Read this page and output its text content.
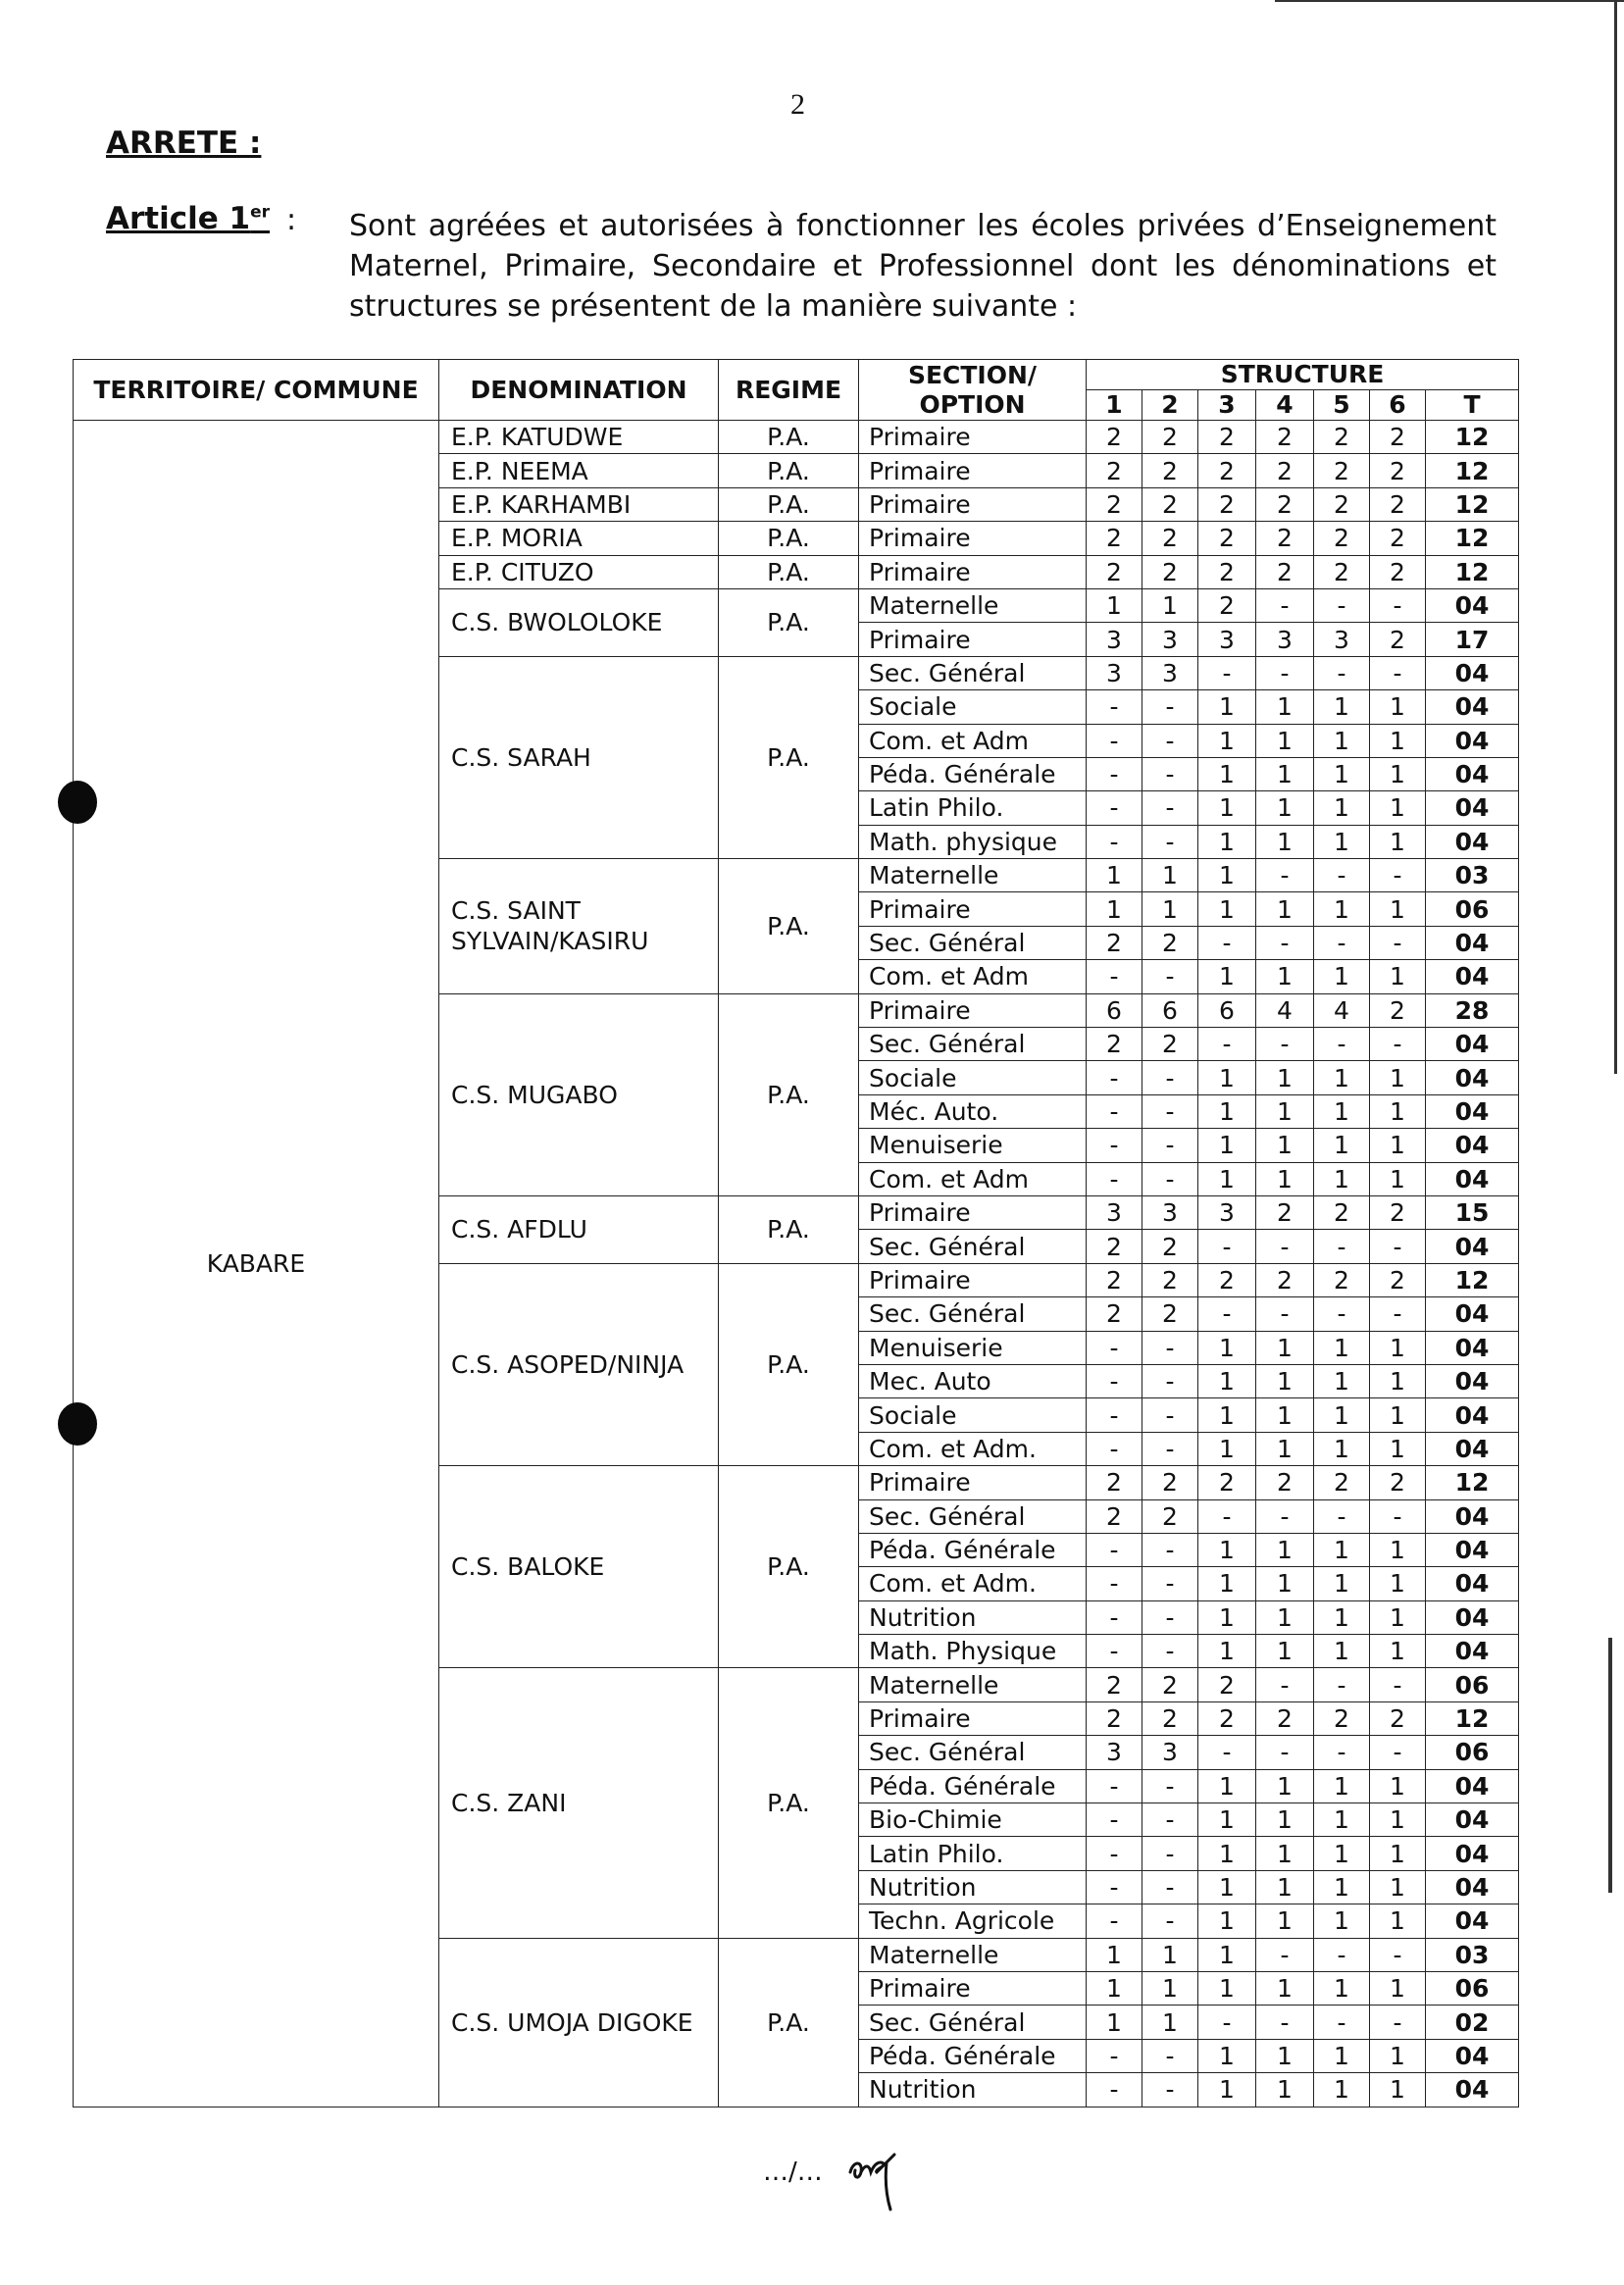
2
ARRETE :
Article 1er : Sont agréées et autorisées à fonctionner les écoles privées d’Enseignement Maternel, Primaire, Secondaire et Professionnel dont les dénominations et structures se présentent de la manière suivante :
TERRITOIRE/ COMMUNE	DENOMINATION	REGIME	SECTION/ OPTION	STRUCTURE						
				1	2	3	4	5	6	T
KABARE	E.P. KATUDWE	P.A.	Primaire	2	2	2	2	2	2	12
	E.P. NEEMA	P.A.	Primaire	2	2	2	2	2	2	12
	E.P. KARHAMBI	P.A.	Primaire	2	2	2	2	2	2	12
	E.P. MORIA	P.A.	Primaire	2	2	2	2	2	2	12
	E.P. CITUZO	P.A.	Primaire	2	2	2	2	2	2	12
	C.S. BWOLOLOKE	P.A.	Maternelle	1	1	2	-	-	-	04
			Primaire	3	3	3	3	3	2	17
	C.S. SARAH	P.A.	Sec. Général	3	3	-	-	-	-	04
			Sociale	-	-	1	1	1	1	04
			Com. et Adm	-	-	1	1	1	1	04
			Péda. Générale	-	-	1	1	1	1	04
			Latin Philo.	-	-	1	1	1	1	04
			Math. physique	-	-	1	1	1	1	04
	C.S. SAINT SYLVAIN/KASIRU	P.A.	Maternelle	1	1	1	-	-	-	03
			Primaire	1	1	1	1	1	1	06
			Sec. Général	2	2	-	-	-	-	04
			Com. et Adm	-	-	1	1	1	1	04
	C.S. MUGABO	P.A.	Primaire	6	6	6	4	4	2	28
			Sec. Général	2	2	-	-	-	-	04
			Sociale	-	-	1	1	1	1	04
			Méc. Auto.	-	-	1	1	1	1	04
			Menuiserie	-	-	1	1	1	1	04
			Com. et Adm	-	-	1	1	1	1	04
	C.S. AFDLU	P.A.	Primaire	3	3	3	2	2	2	15
			Sec. Général	2	2	-	-	-	-	04
	C.S. ASOPED/NINJA	P.A.	Primaire	2	2	2	2	2	2	12
			Sec. Général	2	2	-	-	-	-	04
			Menuiserie	-	-	1	1	1	1	04
			Mec. Auto	-	-	1	1	1	1	04
			Sociale	-	-	1	1	1	1	04
			Com. et Adm.	-	-	1	1	1	1	04
	C.S. BALOKE	P.A.	Primaire	2	2	2	2	2	2	12
			Sec. Général	2	2	-	-	-	-	04
			Péda. Générale	-	-	1	1	1	1	04
			Com. et Adm.	-	-	1	1	1	1	04
			Nutrition	-	-	1	1	1	1	04
			Math. Physique	-	-	1	1	1	1	04
	C.S. ZANI	P.A.	Maternelle	2	2	2	-	-	-	06
			Primaire	2	2	2	2	2	2	12
			Sec. Général	3	3	-	-	-	-	06
			Péda. Générale	-	-	1	1	1	1	04
			Bio-Chimie	-	-	1	1	1	1	04
			Latin Philo.	-	-	1	1	1	1	04
			Nutrition	-	-	1	1	1	1	04
			Techn. Agricole	-	-	1	1	1	1	04
	C.S. UMOJA DIGOKE	P.A.	Maternelle	1	1	1	-	-	-	03
			Primaire	1	1	1	1	1	1	06
			Sec. Général	1	1	-	-	-	-	02
			Péda. Générale	-	-	1	1	1	1	04
			Nutrition	-	-	1	1	1	1	04
…/…
